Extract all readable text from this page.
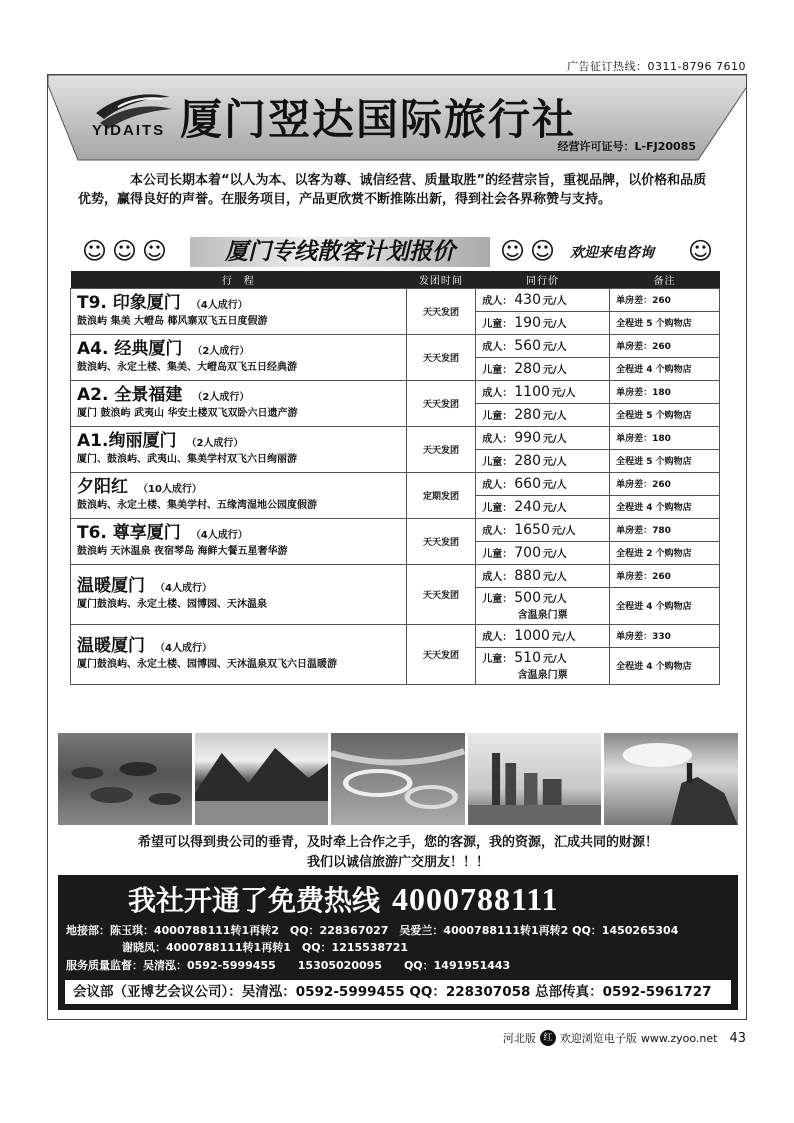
广告征订热线：0311-8796 7610
YIDAITS 厦门翌达国际旅行社
经营许可证号：L-FJ20085

本公司长期本着“以人为本、以客为尊、诚信经营、质量取胜”的经营宗旨，重视品牌，以价格和品质优势，赢得良好的声誉。在服务项目，产品更欣赏不断推陈出新，得到社会各界称赞与支持。

☺ ☺ ☺	厦门专线散客计划报价	☺ ☺ 欢迎来电咨询 ☺
行　程	发团时间	同行价	备注

T9. 印象厦门 （4人成行）
鼓浪屿 集美 大嶝岛 椰风寨双飞五日度假游	天天发团	成人： 430 元/人	单房差：260
		儿童： 190 元/人	全程进 5 个购物店

A4. 经典厦门 （2人成行）
鼓浪屿、永定土楼、集美、大嶝岛双飞五日经典游	天天发团	成人： 560 元/人	单房差：260
		儿童： 280 元/人	全程进 4 个购物店

A2. 全景福建 （2人成行）
厦门 鼓浪屿 武夷山 华安土楼双飞双卧六日遗产游	天天发团	成人： 1100 元/人	单房差：180
		儿童： 280 元/人	全程进 5 个购物店

A1.绚丽厦门 （2人成行）
厦门、鼓浪屿、武夷山、集美学村双飞六日绚丽游	天天发团	成人： 990 元/人	单房差：180
		儿童： 280 元/人	全程进 5 个购物店

夕阳红 （10人成行）
鼓浪屿、永定土楼、集美学村、五缘湾湿地公园度假游	定期发团	成人： 660 元/人	单房差：260
		儿童： 240 元/人	全程进 4 个购物店

T6. 尊享厦门 （4人成行）
鼓浪屿 天沐温泉 夜宿琴岛 海鲜大餐五星奢华游	天天发团	成人： 1650 元/人	单房差：780
		儿童： 700 元/人	全程进 2 个购物店

温暖厦门 （4人成行）
厦门鼓浪屿、永定土楼、园博园、天沐温泉	天天发团	成人： 880 元/人	单房差：260
		儿童： 500 元/人
含温泉门票	全程进 4 个购物店

温暖厦门 （4人成行）
厦门鼓浪屿、永定土楼、园博园、天沐温泉双飞六日温暖游	天天发团	成人： 1000 元/人	单房差：330
		儿童： 510 元/人
含温泉门票	全程进 4 个购物店
希望可以得到贵公司的垂青，及时牵上合作之手，您的客源，我的资源，汇成共同的财源！
我们以诚信旅游广交朋友！！！
我社开通了免费热线 4000788111
地接部：陈玉琪：4000788111转1再转2　QQ：228367027　吴爱兰：4000788111转1再转2 QQ：1450265304
谢晓凤：4000788111转1再转1　QQ：1215538721
服务质量监督：吴清泓：0592-5999455　　15305020095　　QQ：1491951443
会议部（亚博艺会议公司）：吴清泓：0592-5999455 QQ：228307058 总部传真：0592-5961727
河北版 红 欢迎浏览电子版 www.zyoo.net 43
